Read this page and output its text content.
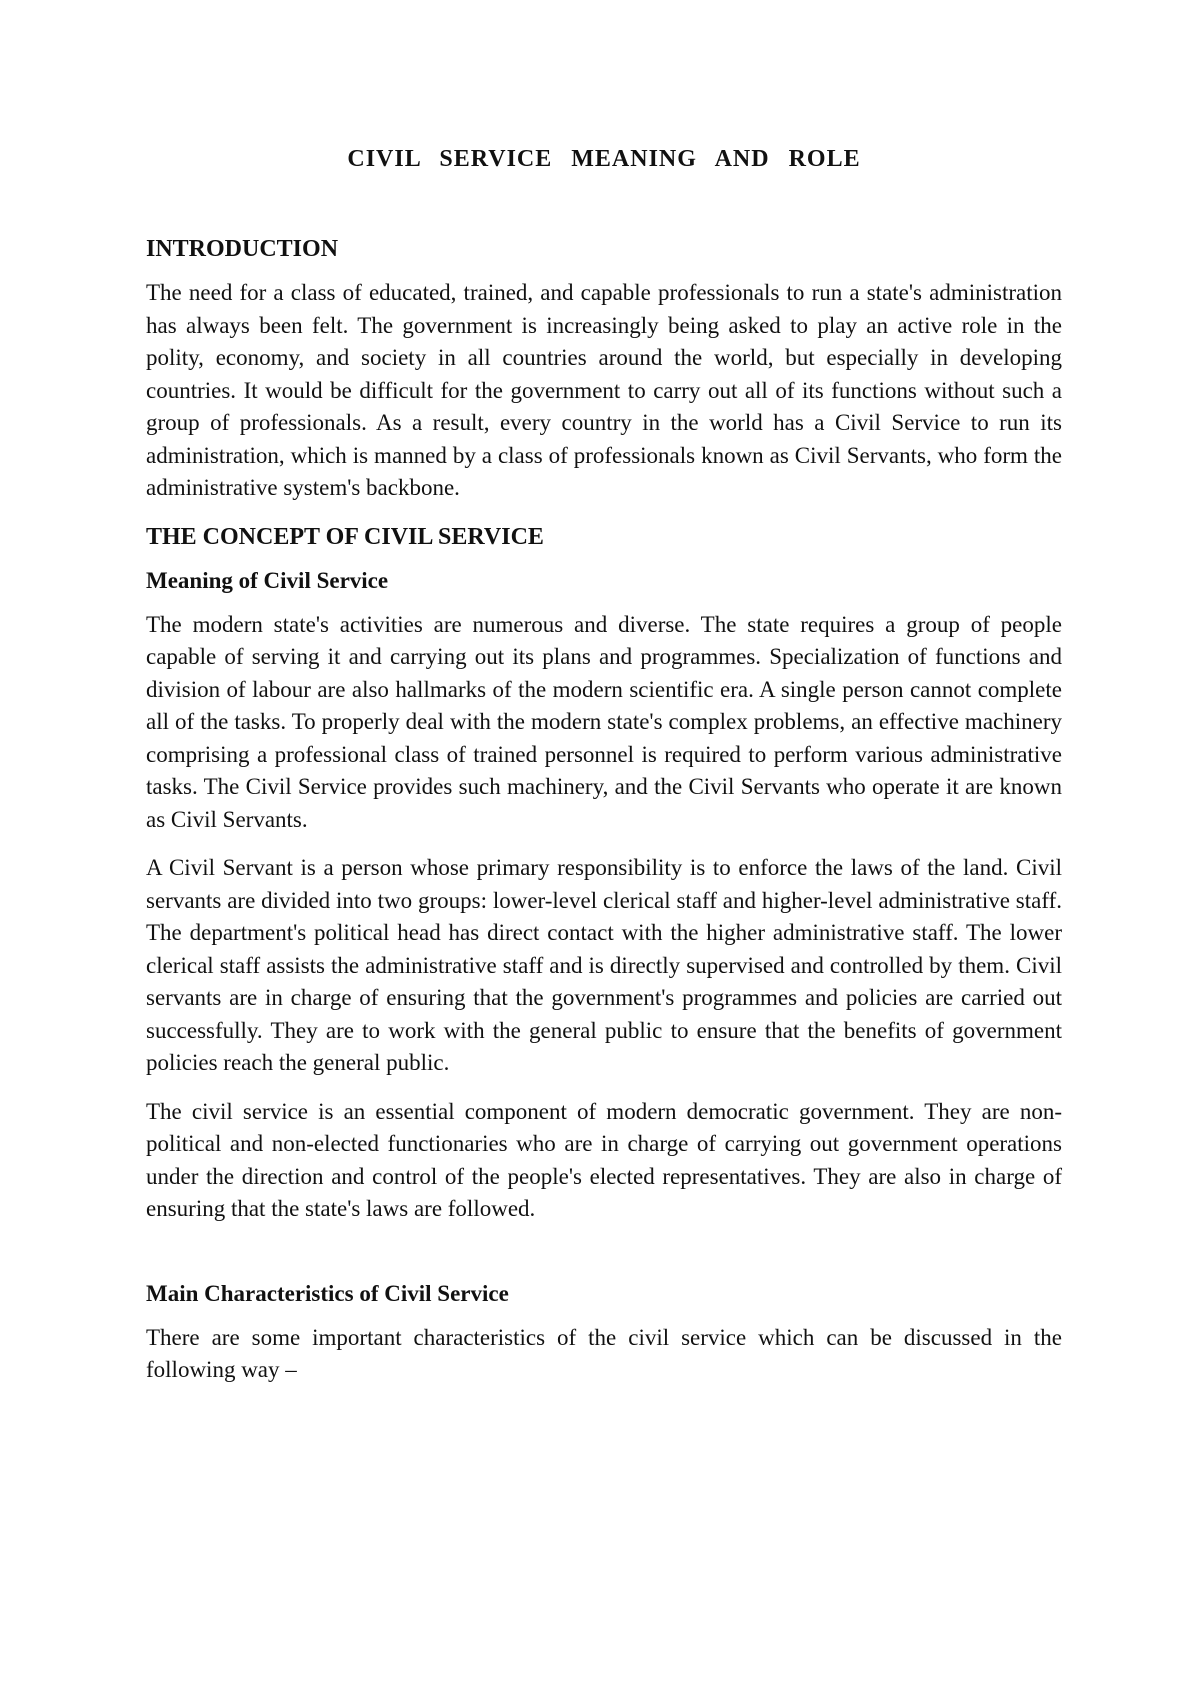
CIVIL SERVICE MEANING AND ROLE
INTRODUCTION

The need for a class of educated, trained, and capable professionals to run a state's administration has always been felt. The government is increasingly being asked to play an active role in the polity, economy, and society in all countries around the world, but especially in developing countries. It would be difficult for the government to carry out all of its functions without such a group of professionals. As a result, every country in the world has a Civil Service to run its administration, which is manned by a class of professionals known as Civil Servants, who form the administrative system's backbone.

THE CONCEPT OF CIVIL SERVICE
Meaning of Civil Service

The modern state's activities are numerous and diverse. The state requires a group of people capable of serving it and carrying out its plans and programmes. Specialization of functions and division of labour are also hallmarks of the modern scientific era. A single person cannot complete all of the tasks. To properly deal with the modern state's complex problems, an effective machinery comprising a professional class of trained personnel is required to perform various administrative tasks. The Civil Service provides such machinery, and the Civil Servants who operate it are known as Civil Servants.

A Civil Servant is a person whose primary responsibility is to enforce the laws of the land. Civil servants are divided into two groups: lower-level clerical staff and higher-level administrative staff. The department's political head has direct contact with the higher administrative staff. The lower clerical staff assists the administrative staff and is directly supervised and controlled by them. Civil servants are in charge of ensuring that the government's programmes and policies are carried out successfully. They are to work with the general public to ensure that the benefits of government policies reach the general public.

The civil service is an essential component of modern democratic government. They are non-political and non-elected functionaries who are in charge of carrying out government operations under the direction and control of the people's elected representatives. They are also in charge of ensuring that the state's laws are followed.

Main Characteristics of Civil Service

There are some important characteristics of the civil service which can be discussed in the following way –
